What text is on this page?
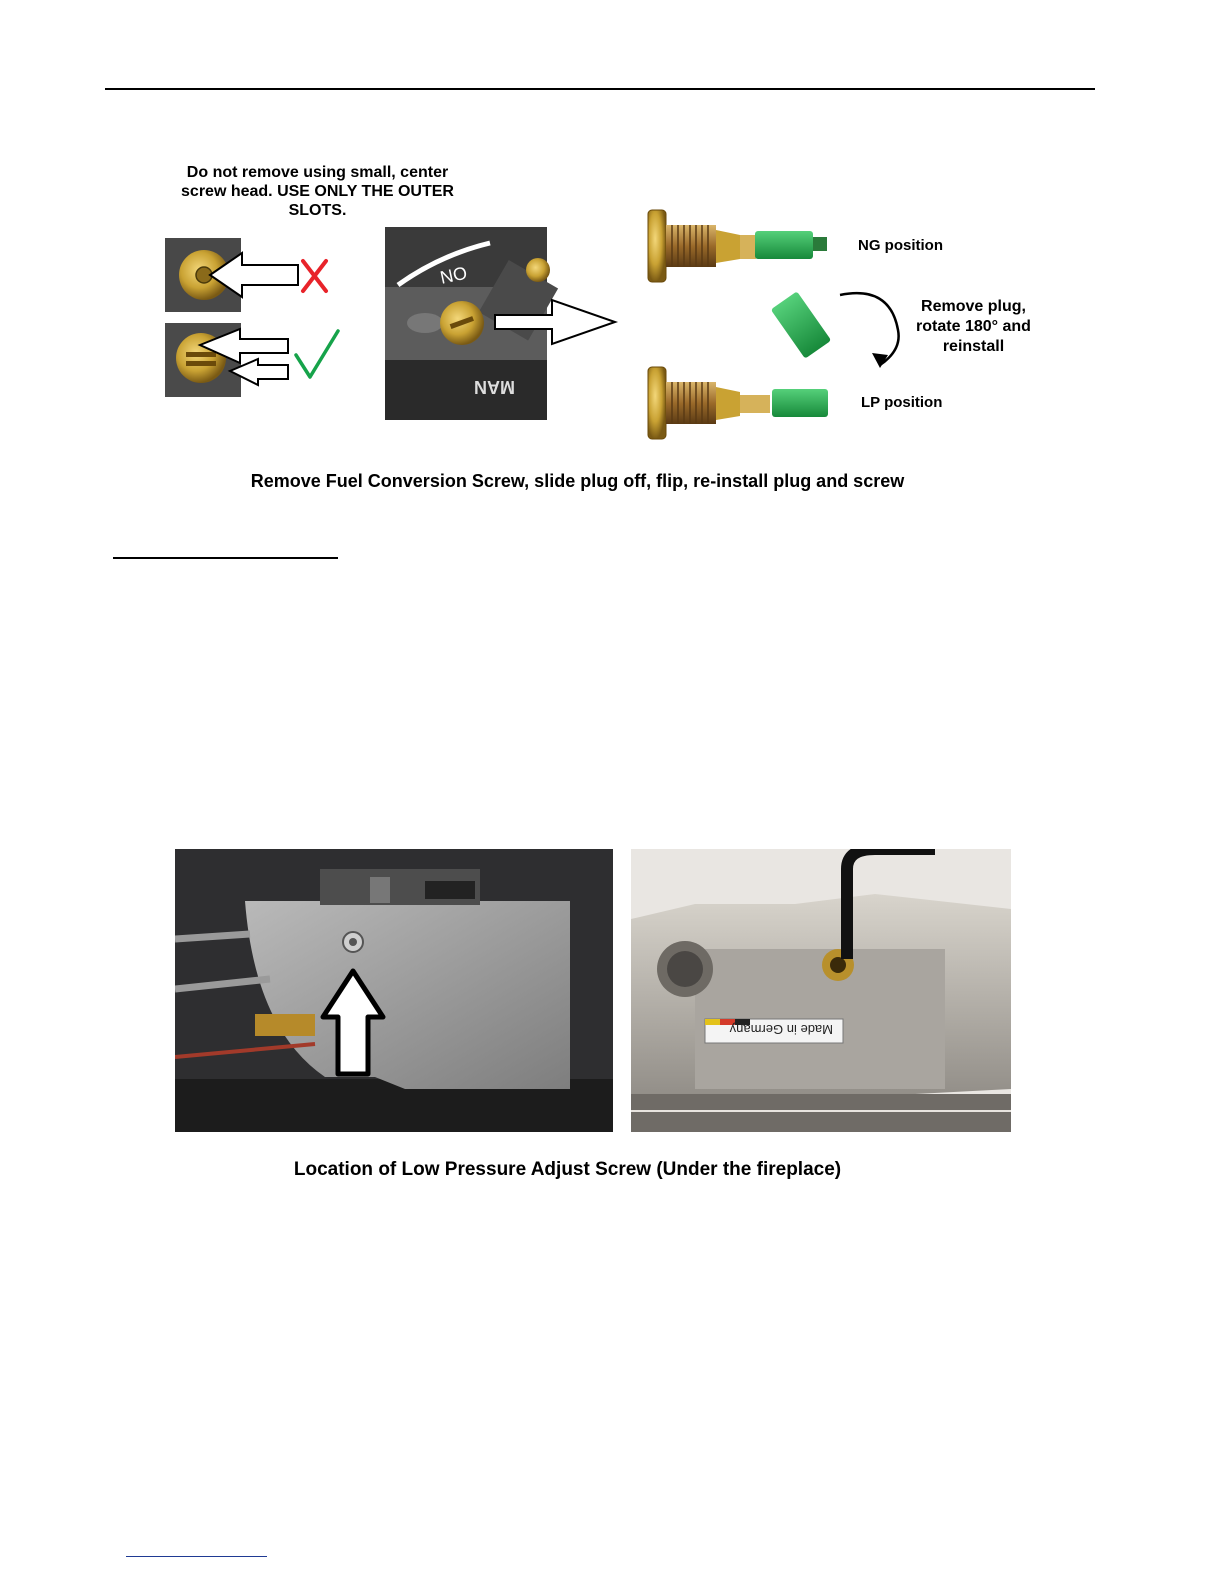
NO
MAN
Do not remove using small, center screw head. USE ONLY THE OUTER SLOTS.
NG position
Remove plug, rotate 180° and reinstall
LP position
Remove Fuel Conversion Screw, slide plug off, flip, re-install plug and screw
Made in Germany
Location of Low Pressure Adjust Screw (Under the fireplace)
